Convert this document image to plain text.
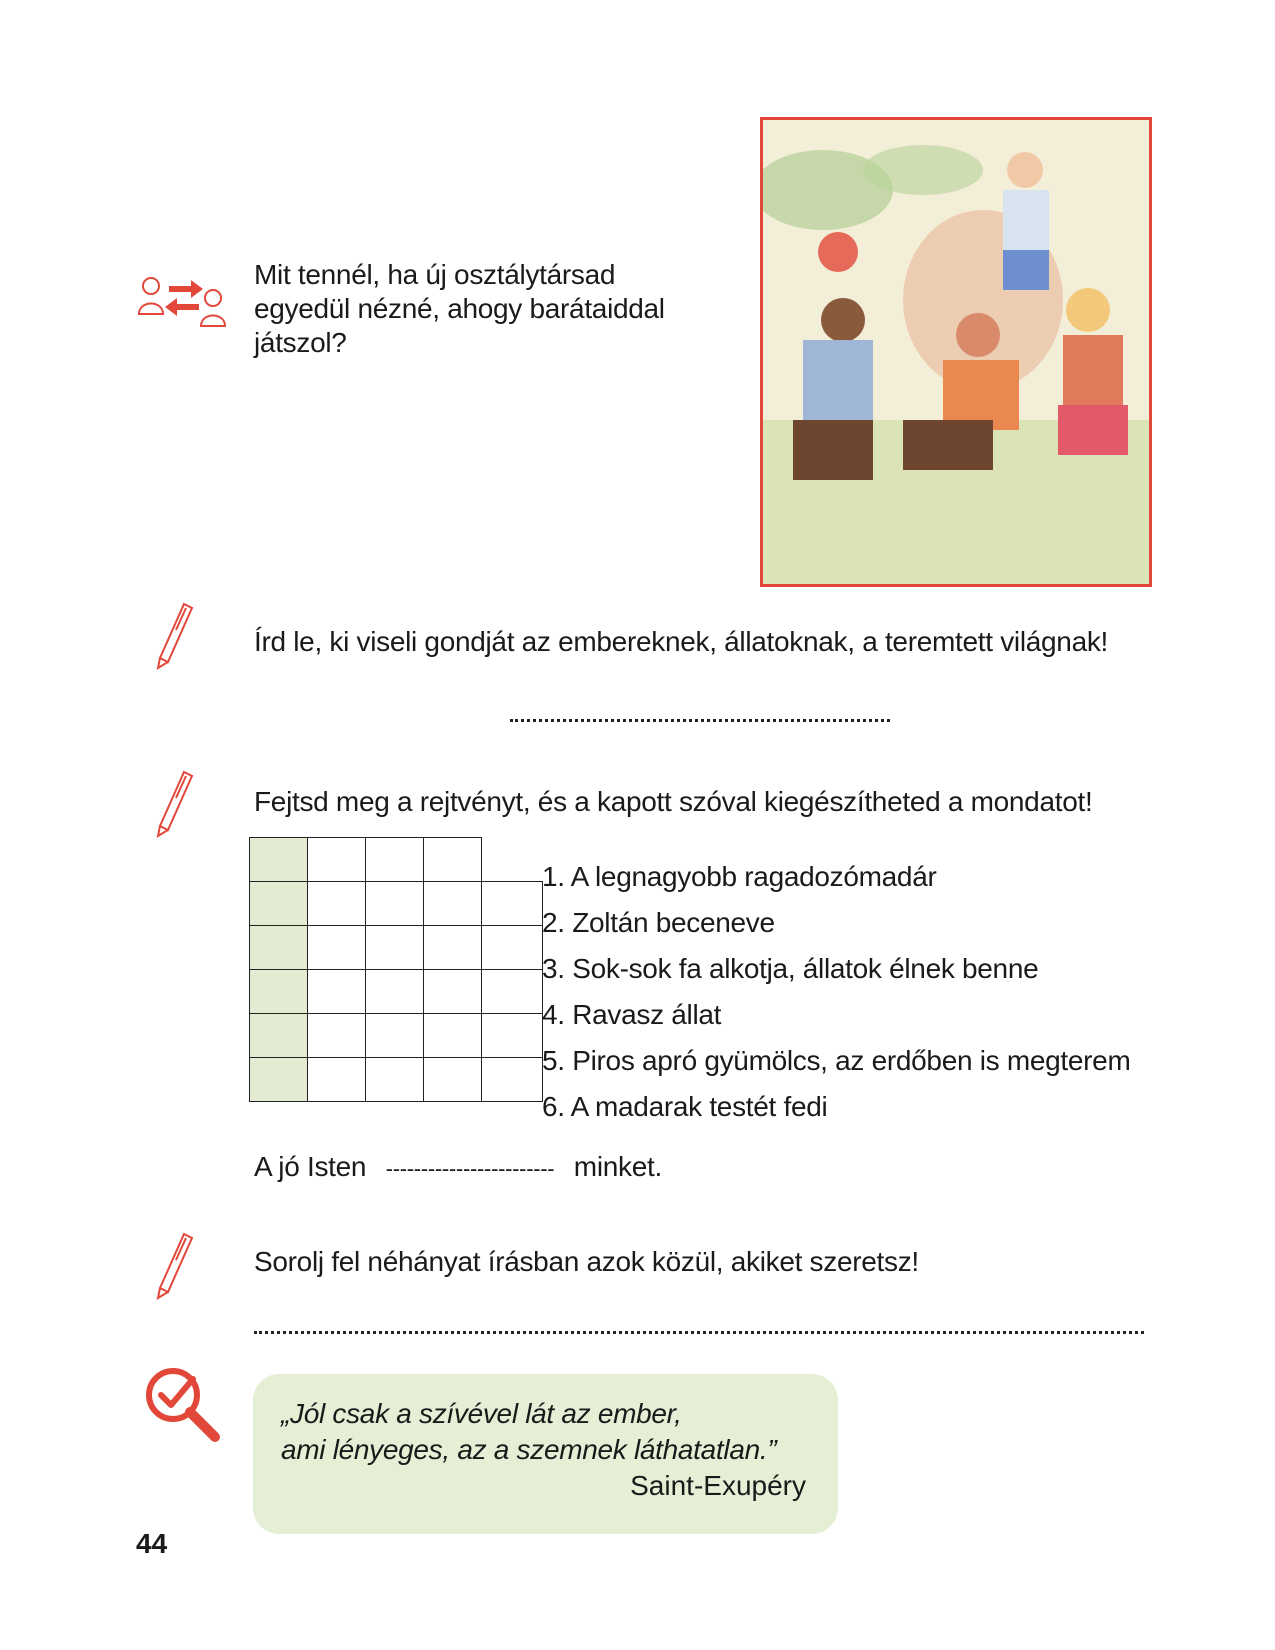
Mit tennél, ha új osztálytársad
egyedül nézné, ahogy barátaiddal
játszol?
Írd le, ki viseli gondját az embereknek, állatoknak, a teremtett világnak!
Fejtsd meg a rejtvényt, és a kapott szóval kiegészítheted a mondatot!

1. A legnagyobb ragadozómadár
2. Zoltán beceneve
3. Sok-sok fa alkotja, állatok élnek benne
4. Ravasz állat
5. Piros apró gyümölcs, az erdőben is megterem
6. A madarak testét fedi
A jó Isten ------------------------ minket.
Sorolj fel néhányat írásban azok közül, akiket szeretsz!
„Jól csak a szívével lát az ember,
ami lényeges, az a szemnek láthatatlan.”
Saint-Exupéry
44
